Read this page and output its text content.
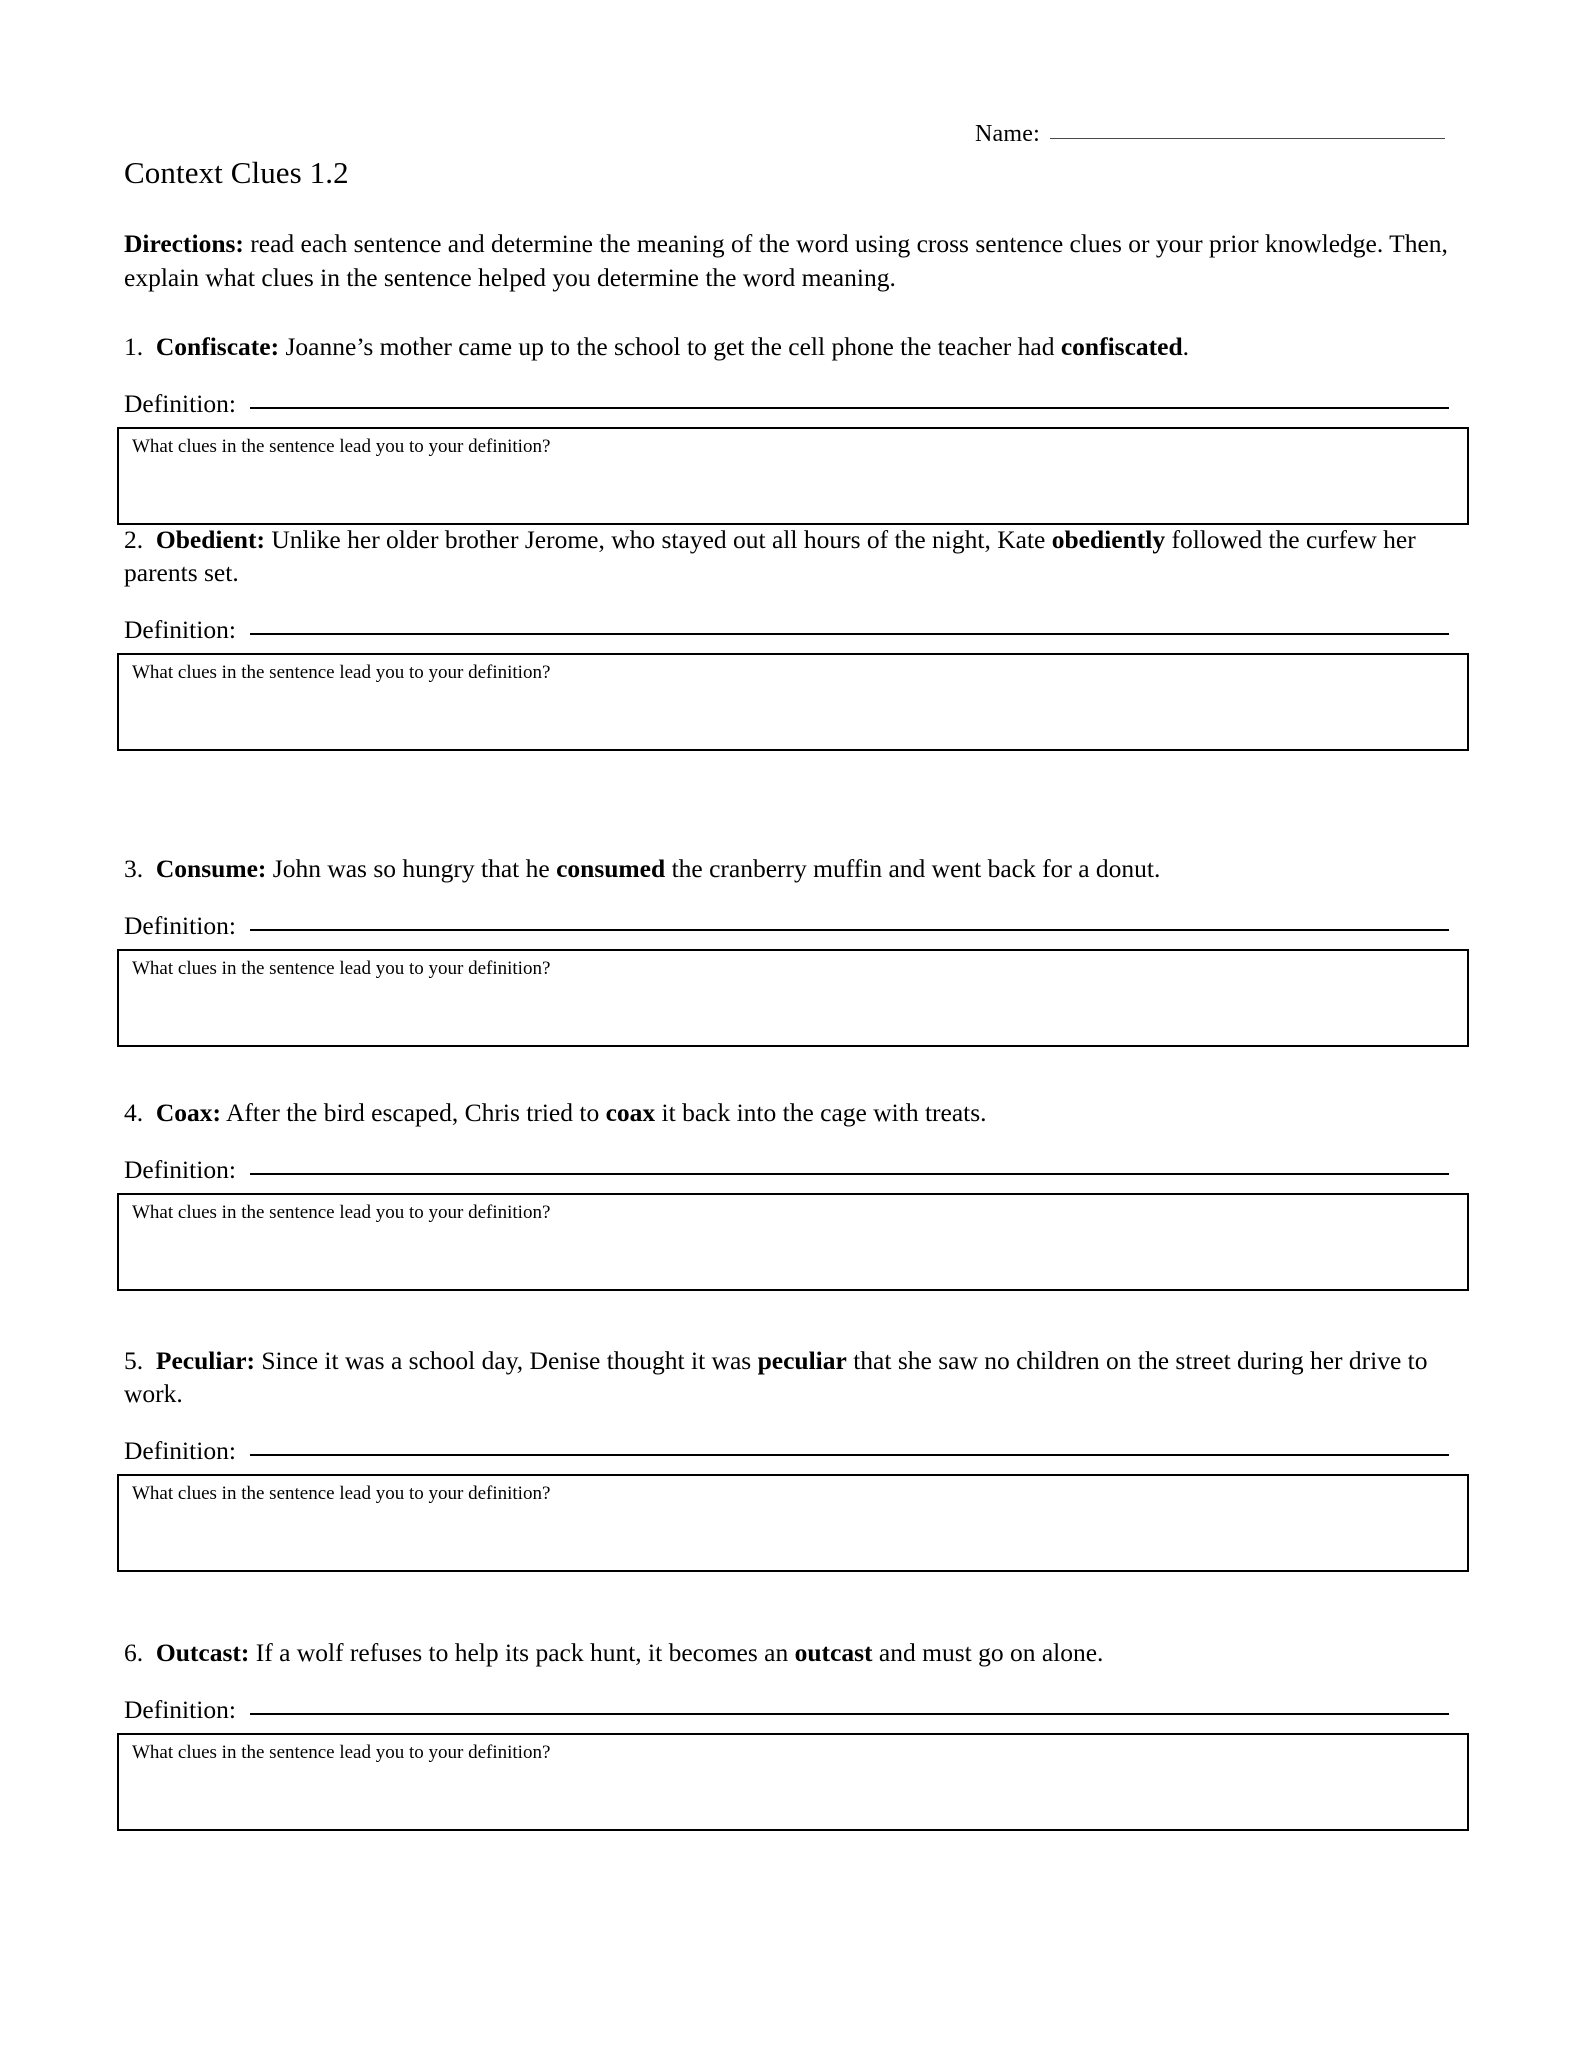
Name:
Context Clues 1.2
Directions: read each sentence and determine the meaning of the word using cross sentence clues or your prior knowledge. Then, explain what clues in the sentence helped you determine the word meaning.

1. Confiscate: Joanne’s mother came up to the school to get the cell phone the teacher had confiscated.

Definition:
What clues in the sentence lead you to your definition?

2. Obedient: Unlike her older brother Jerome, who stayed out all hours of the night, Kate obediently followed the curfew her parents set.

Definition:
What clues in the sentence lead you to your definition?

3. Consume: John was so hungry that he consumed the cranberry muffin and went back for a donut.

Definition:
What clues in the sentence lead you to your definition?

4. Coax: After the bird escaped, Chris tried to coax it back into the cage with treats.

Definition:
What clues in the sentence lead you to your definition?

5. Peculiar: Since it was a school day, Denise thought it was peculiar that she saw no children on the street during her drive to work.

Definition:
What clues in the sentence lead you to your definition?

6. Outcast: If a wolf refuses to help its pack hunt, it becomes an outcast and must go on alone.

Definition:
What clues in the sentence lead you to your definition?
